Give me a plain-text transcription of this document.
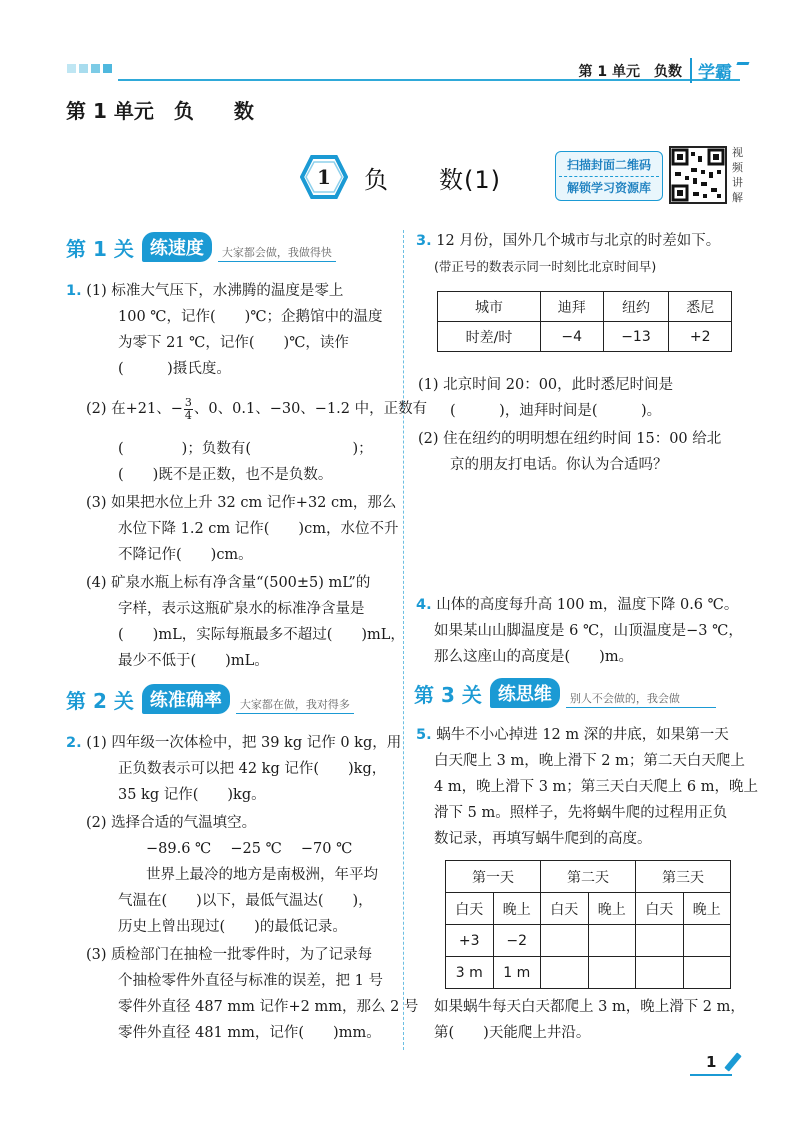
第 1 单元　负数 学霸
第 1 单元　负　　数
1	负　　数(1)
扫描封面二维码
解锁学习资源库
视频讲解
第 1 关 练速度	大家都会做，我做得快
1. (1) 标准大气压下，水沸腾的温度是零上
100 ℃，记作(　　)℃；企鹅馆中的温度
为零下 21 ℃，记作(　　)℃，读作
(　　　)摄氏度。
(2) 在+21、− $\frac{3}{4}$ 、0、0.1、−30、−1.2 中，正数有
(　　　　)；负数有(　　　　　　　)；
(　　)既不是正数，也不是负数。
(3) 如果把水位上升 32 cm 记作+32 cm，那么
水位下降 1.2 cm 记作(　　)cm，水位不升
不降记作(　　)cm。
(4) 矿泉水瓶上标有净含量“(500±5) mL”的
字样，表示这瓶矿泉水的标准净含量是
(　　)mL，实际每瓶最多不超过(　　)mL，
最少不低于(　　)mL。
第 2 关 练准确率	大家都在做，我对得多
2. (1) 四年级一次体检中，把 39 kg 记作 0 kg，用
正负数表示可以把 42 kg 记作(　　)kg，
35 kg 记作(　　)kg。
(2) 选择合适的气温填空。
−89.6 ℃　 −25 ℃　 −70 ℃
世界上最冷的地方是南极洲，年平均
气温在(　　)以下，最低气温达(　　)，
历史上曾出现过(　　)的最低记录。
(3) 质检部门在抽检一批零件时，为了记录每
个抽检零件外直径与标准的误差，把 1 号
零件外直径 487 mm 记作+2 mm，那么 2 号
零件外直径 481 mm，记作(　　)mm。
3. 12 月份，国外几个城市与北京的时差如下。
(带正号的数表示同一时刻比北京时间早)
城市	迪拜	纽约	悉尼
时差/时	−4	−13	+2
(1) 北京时间 20：00，此时悉尼时间是
(　　　)，迪拜时间是(　　　)。
(2) 住在纽约的明明想在纽约时间 15：00 给北
京的朋友打电话。你认为合适吗？
4. 山体的高度每升高 100 m，温度下降 0.6 ℃。
如果某山山脚温度是 6 ℃，山顶温度是−3 ℃，
那么这座山的高度是(　　)m。
第 3 关 练思维	别人不会做的，我会做
5. 蜗牛不小心掉进 12 m 深的井底，如果第一天
白天爬上 3 m，晚上滑下 2 m；第二天白天爬上
4 m，晚上滑下 3 m；第三天白天爬上 6 m，晚上
滑下 5 m。照样子，先将蜗牛爬的过程用正负
数记录，再填写蜗牛爬到的高度。
第一天		第二天		第三天	
白天	晚上	白天	晚上	白天	晚上
+3	−2				
3 m	1 m				
如果蜗牛每天白天都爬上 3 m，晚上滑下 2 m，
第(　　)天能爬上井沿。
1
